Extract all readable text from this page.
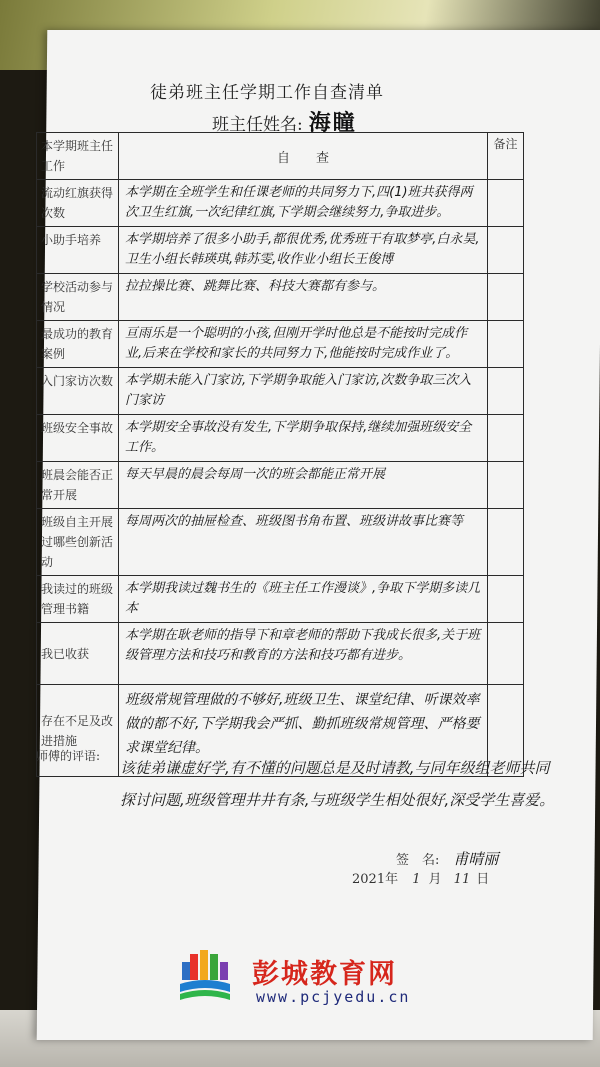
徒弟班主任学期工作自查清单
班主任姓名: 海瞳
本学期班主任工作	自　　查	备注
流动红旗获得次数	本学期在全班学生和任课老师的共同努力下,四(1)班共获得两次卫生红旗,一次纪律红旗,下学期会继续努力,争取进步。	
小助手培养	本学期培养了很多小助手,都很优秀,优秀班干有取梦亭,白永昊,卫生小组长韩瑛琪,韩苏雯,收作业小组长王俊博	
学校活动参与情况	拉拉操比赛、跳舞比赛、科技大赛都有参与。	
最成功的教育案例	亘雨乐是一个聪明的小孩,但刚开学时他总是不能按时完成作业,后来在学校和家长的共同努力下,他能按时完成作业了。	
入门家访次数	本学期未能入门家访,下学期争取能入门家访,次数争取三次入门家访	
班级安全事故	本学期安全事故没有发生,下学期争取保持,继续加强班级安全工作。	
班晨会能否正常开展	每天早晨的晨会每周一次的班会都能正常开展	
班级自主开展过哪些创新活动	每周两次的抽屉检查、班级图书角布置、班级讲故事比赛等	
我读过的班级管理书籍	本学期我读过魏书生的《班主任工作漫谈》,争取下学期多读几本	
我已收获	本学期在耿老师的指导下和章老师的帮助下我成长很多,关于班级管理方法和技巧和教育的方法和技巧都有进步。	
存在不足及改进措施	班级常规管理做的不够好,班级卫生、课堂纪律、听课效率做的都不好,下学期我会严抓、勤抓班级常规管理、严格要求课堂纪律。	
师傅的评语:
该徒弟谦虚好学,有不懂的问题总是及时请教,与同年级组老师共同探讨问题,班级管理井井有条,与班级学生相处很好,深受学生喜爱。
签　名: 甫晴丽
2021年 1 月 11 日
彭城教育网
www.pcjyedu.cn
